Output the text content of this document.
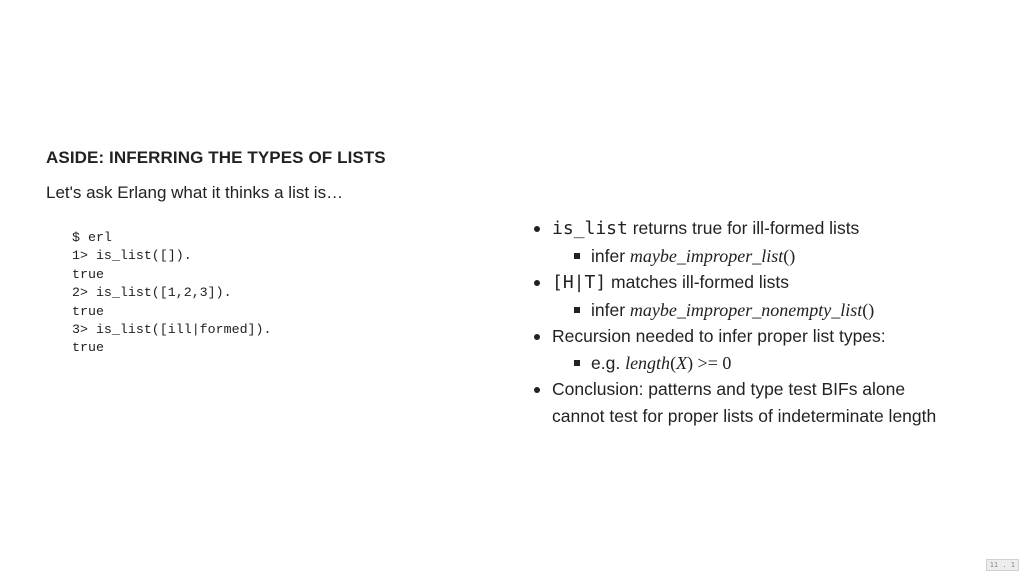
ASIDE: INFERRING THE TYPES OF LISTS
Let's ask Erlang what it thinks a list is…
$ erl
1> is_list([]).
true
2> is_list([1,2,3]).
true
3> is_list([ill|formed]).
true
is_list returns true for ill-formed lists
infer maybe_improper_list()
[H|T] matches ill-formed lists
infer maybe_improper_nonempty_list()
Recursion needed to infer proper list types:
e.g. length(X) >= 0
Conclusion: patterns and type test BIFs alone cannot test for proper lists of indeterminate length
11 . 1
